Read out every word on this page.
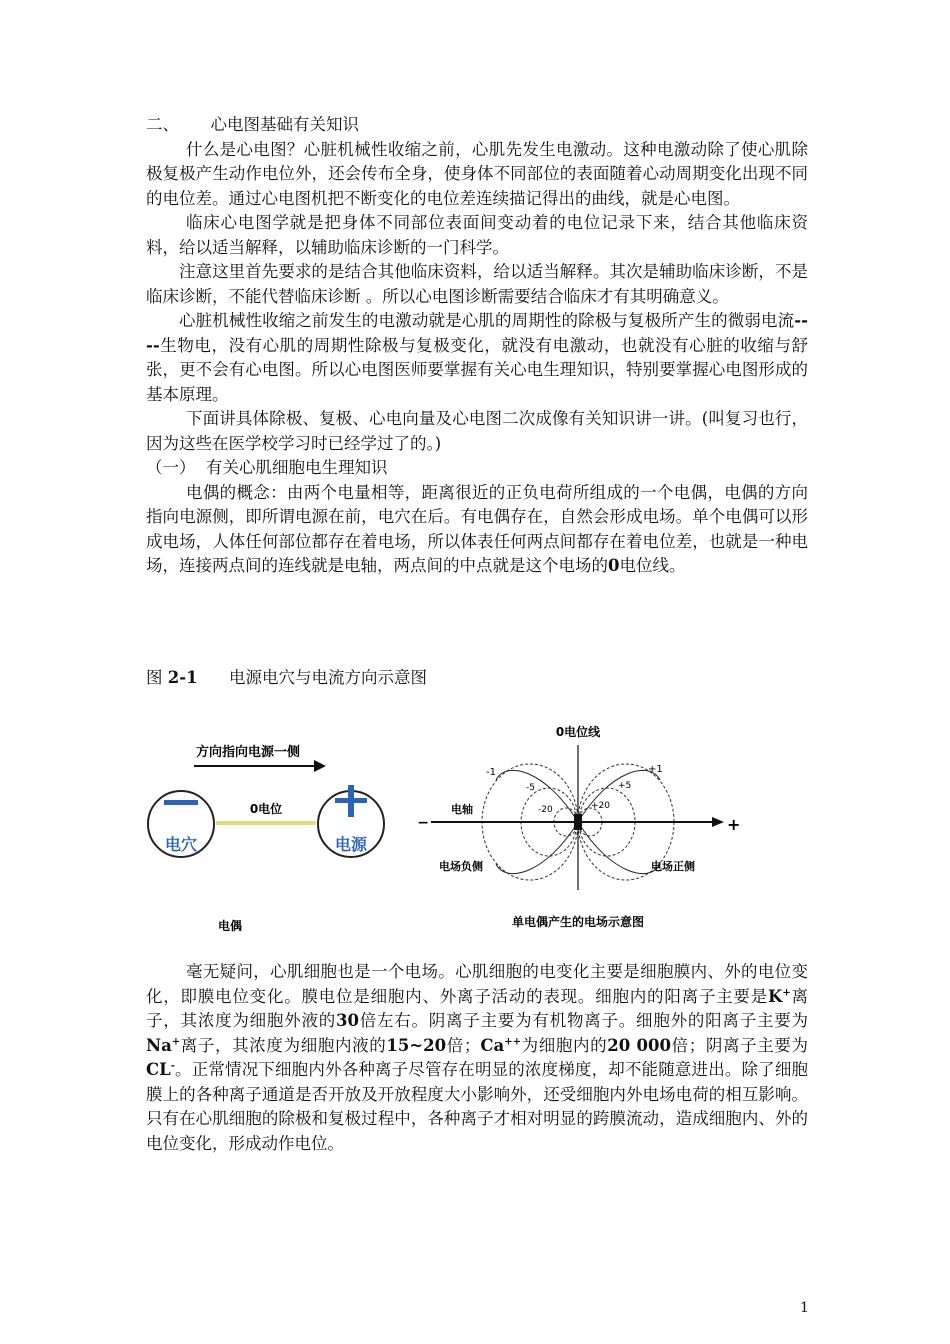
二、 心电图基础有关知识

什么是心电图？心脏机械性收缩之前，心肌先发生电激动。这种电激动除了使心肌除极复极产生动作电位外，还会传布全身，使身体不同部位的表面随着心动周期变化出现不同的电位差。通过心电图机把不断变化的电位差连续描记得出的曲线，就是心电图。

临床心电图学就是把身体不同部位表面间变动着的电位记录下来，结合其他临床资料，给以适当解释，以辅助临床诊断的一门科学。

注意这里首先要求的是结合其他临床资料，给以适当解释。其次是辅助临床诊断，不是临床诊断，不能代替临床诊断 。所以心电图诊断需要结合临床才有其明确意义。

心脏机械性收缩之前发生的电激动就是心肌的周期性的除极与复极所产生的微弱电流----生物电，没有心肌的周期性除极与复极变化，就没有电激动，也就没有心脏的收缩与舒张，更不会有心电图。所以心电图医师要掌握有关心电生理知识，特别要掌握心电图形成的基本原理。

下面讲具体除极、复极、心电向量及心电图二次成像有关知识讲一讲。(叫复习也行，因为这些在医学校学习时已经学过了的。)

（一） 有关心肌细胞电生理知识

电偶的概念：由两个电量相等，距离很近的正负电荷所组成的一个电偶，电偶的方向指向电源侧，即所谓电源在前，电穴在后。有电偶存在，自然会形成电场。单个电偶可以形成电场，人体任何部位都存在着电场，所以体表任何两点间都存在着电位差，也就是一种电场，连接两点间的连线就是电轴，两点间的中点就是这个电场的0电位线。

图 2-1 电源电穴与电流方向示意图
方向指向电源一侧
电穴	电源
0电位
电偶
0电位线
−	+
电轴
-1
-5
-20
+1
+5
+20
电场负侧	电场正侧
单电偶产生的电场示意图

毫无疑问，心肌细胞也是一个电场。心肌细胞的电变化主要是细胞膜内、外的电位变化，即膜电位变化。膜电位是细胞内、外离子活动的表现。细胞内的阳离子主要是K+离子，其浓度为细胞外液的30倍左右。阴离子主要为有机物离子。细胞外的阳离子主要为Na+离子，其浓度为细胞内液的15~20倍；Ca++为细胞内的20 000倍；阴离子主要为CL-。正常情况下细胞内外各种离子尽管存在明显的浓度梯度，却不能随意进出。除了细胞膜上的各种离子通道是否开放及开放程度大小影响外，还受细胞内外电场电荷的相互影响。只有在心肌细胞的除极和复极过程中，各种离子才相对明显的跨膜流动，造成细胞内、外的电位变化，形成动作电位。

1
